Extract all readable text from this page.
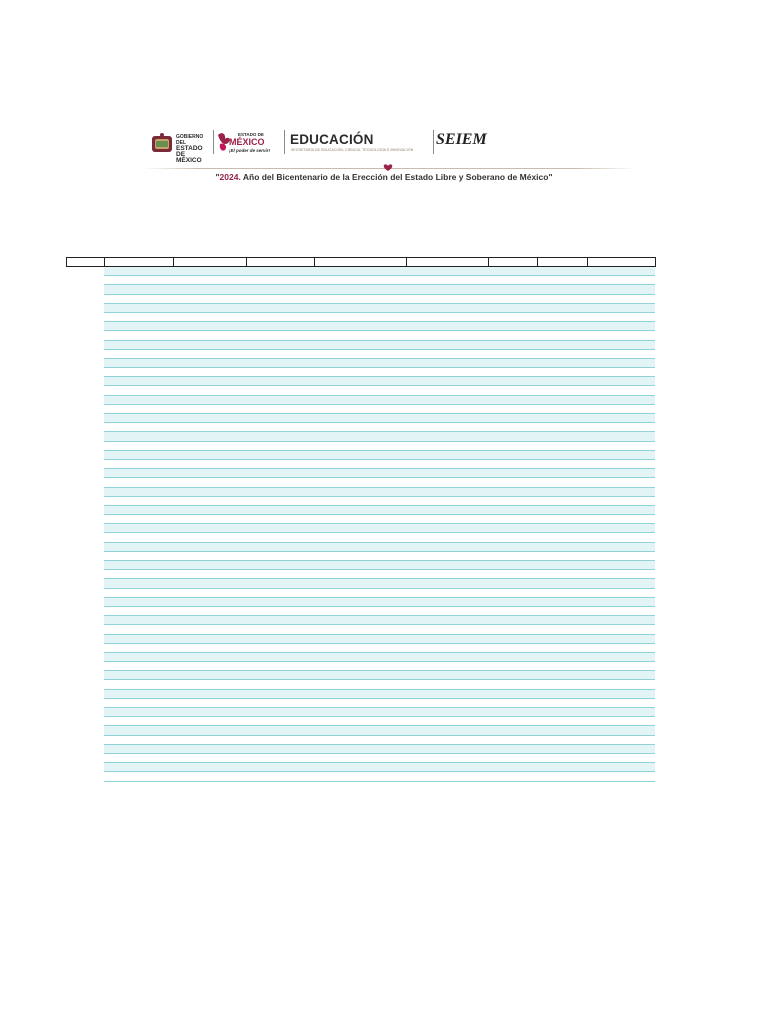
GOBIERNO DEL
ESTADO DE
MÉXICO
ESTADO DE
MÉXICO
¡El poder de servir!
EDUCACIÓN
SECRETARÍA DE EDUCACIÓN, CIENCIA, TECNOLOGÍA E INNOVACIÓN
SEIEM
"2024. Año del Bicentenario de la Erección del Estado Libre y Soberano de México"
